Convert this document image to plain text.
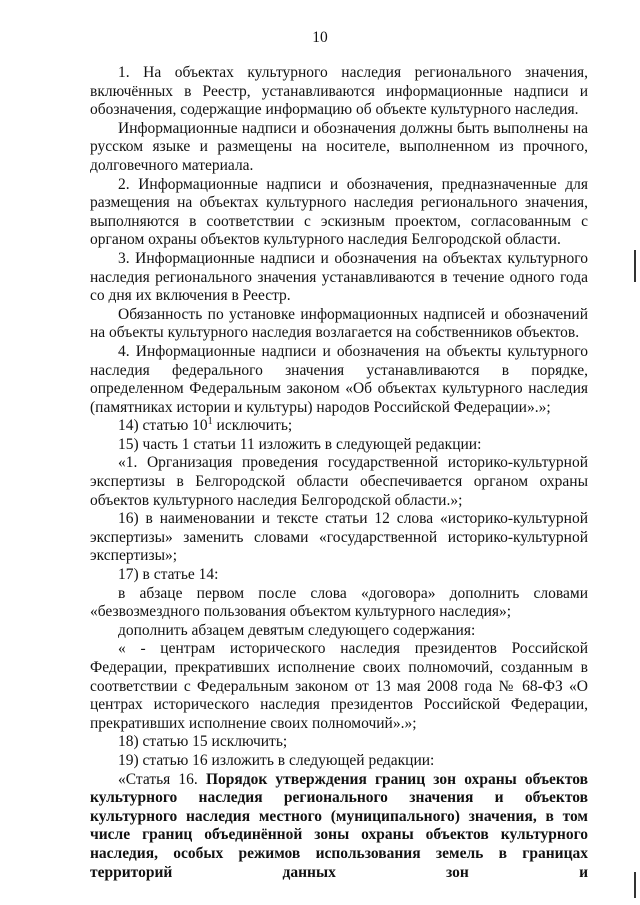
10

1. На объектах культурного наследия регионального значения, включённых в Реестр, устанавливаются информационные надписи и обозначения, содержащие информацию об объекте культурного наследия.

Информационные надписи и обозначения должны быть выполнены на русском языке и размещены на носителе, выполненном из прочного, долговечного материала.

2. Информационные надписи и обозначения, предназначенные для размещения на объектах культурного наследия регионального значения, выполняются в соответствии с эскизным проектом, согласованным с органом охраны объектов культурного наследия Белгородской области.

3. Информационные надписи и обозначения на объектах культурного наследия регионального значения устанавливаются в течение одного года со дня их включения в Реестр.

Обязанность по установке информационных надписей и обозначений на объекты культурного наследия возлагается на собственников объектов.

4. Информационные надписи и обозначения на объекты культурного наследия федерального значения устанавливаются в порядке, определенном Федеральным законом «Об объектах культурного наследия (памятниках истории и культуры) народов Российской Федерации».»;

14) статью $10^1$ исключить;

15) часть 1 статьи 11 изложить в следующей редакции:

«1. Организация проведения государственной историко-культурной экспертизы в Белгородской области обеспечивается органом охраны объектов культурного наследия Белгородской области.»;

16) в наименовании и тексте статьи 12 слова «историко-культурной экспертизы» заменить словами «государственной историко-культурной экспертизы»;

17) в статье 14:

в абзаце первом после слова «договора» дополнить словами «безвозмездного пользования объектом культурного наследия»;

дополнить абзацем девятым следующего содержания:

« - центрам исторического наследия президентов Российской Федерации, прекративших исполнение своих полномочий, созданным в соответствии с Федеральным законом от 13 мая 2008 года № 68-ФЗ «О центрах исторического наследия президентов Российской Федерации, прекративших исполнение своих полномочий».»;

18) статью 15 исключить;

19) статью 16 изложить в следующей редакции:

«Статья 16. Порядок утверждения границ зон охраны объектов культурного наследия регионального значения и объектов культурного наследия местного (муниципального) значения, в том числе границ объединённой зоны охраны объектов культурного наследия, особых режимов использования земель в границах территорий данных зон и
